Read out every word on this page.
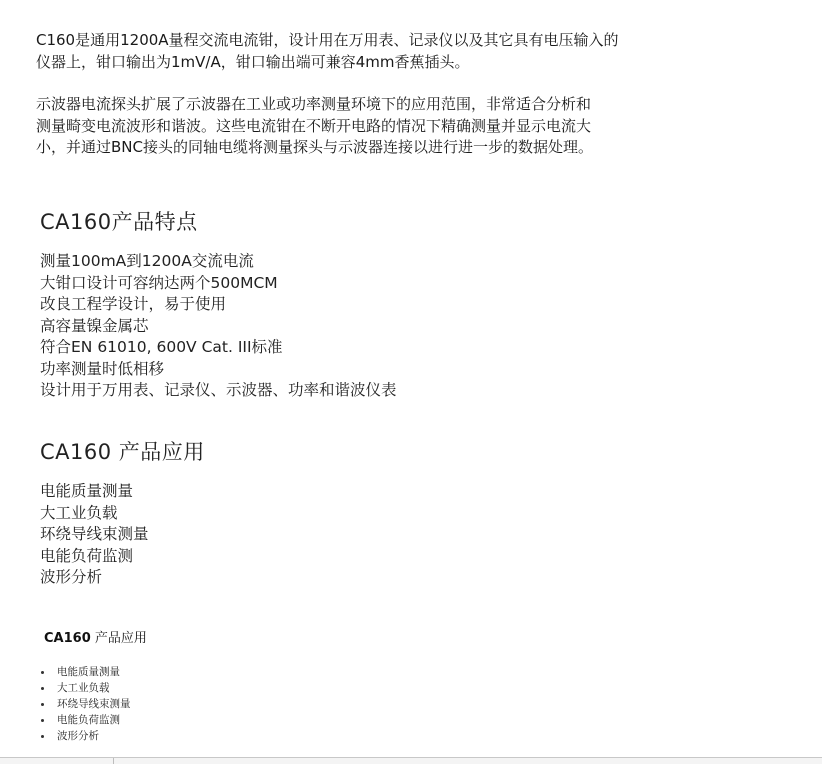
C160是通用1200A量程交流电流钳，设计用在万用表、记录仪以及其它具有电压输入的
仪器上，钳口输出为1mV/A，钳口输出端可兼容4mm香蕉插头。

示波器电流探头扩展了示波器在工业或功率测量环境下的应用范围，非常适合分析和
测量畸变电流波形和谐波。这些电流钳在不断开电路的情况下精确测量并显示电流大
小，并通过BNC接头的同轴电缆将测量探头与示波器连接以进行进一步的数据处理。

CA160产品特点
测量100mA到1200A交流电流
大钳口设计可容纳达两个500MCM
改良工程学设计，易于使用
高容量镍金属芯
符合EN 61010, 600V Cat. III标准
功率测量时低相移
设计用于万用表、记录仪、示波器、功率和谐波仪表
CA160 产品应用
电能质量测量
大工业负载
环绕导线束测量
电能负荷监测
波形分析
CA160 产品应用
电能质量测量
大工业负载
环绕导线束测量
电能负荷监测
波形分析
